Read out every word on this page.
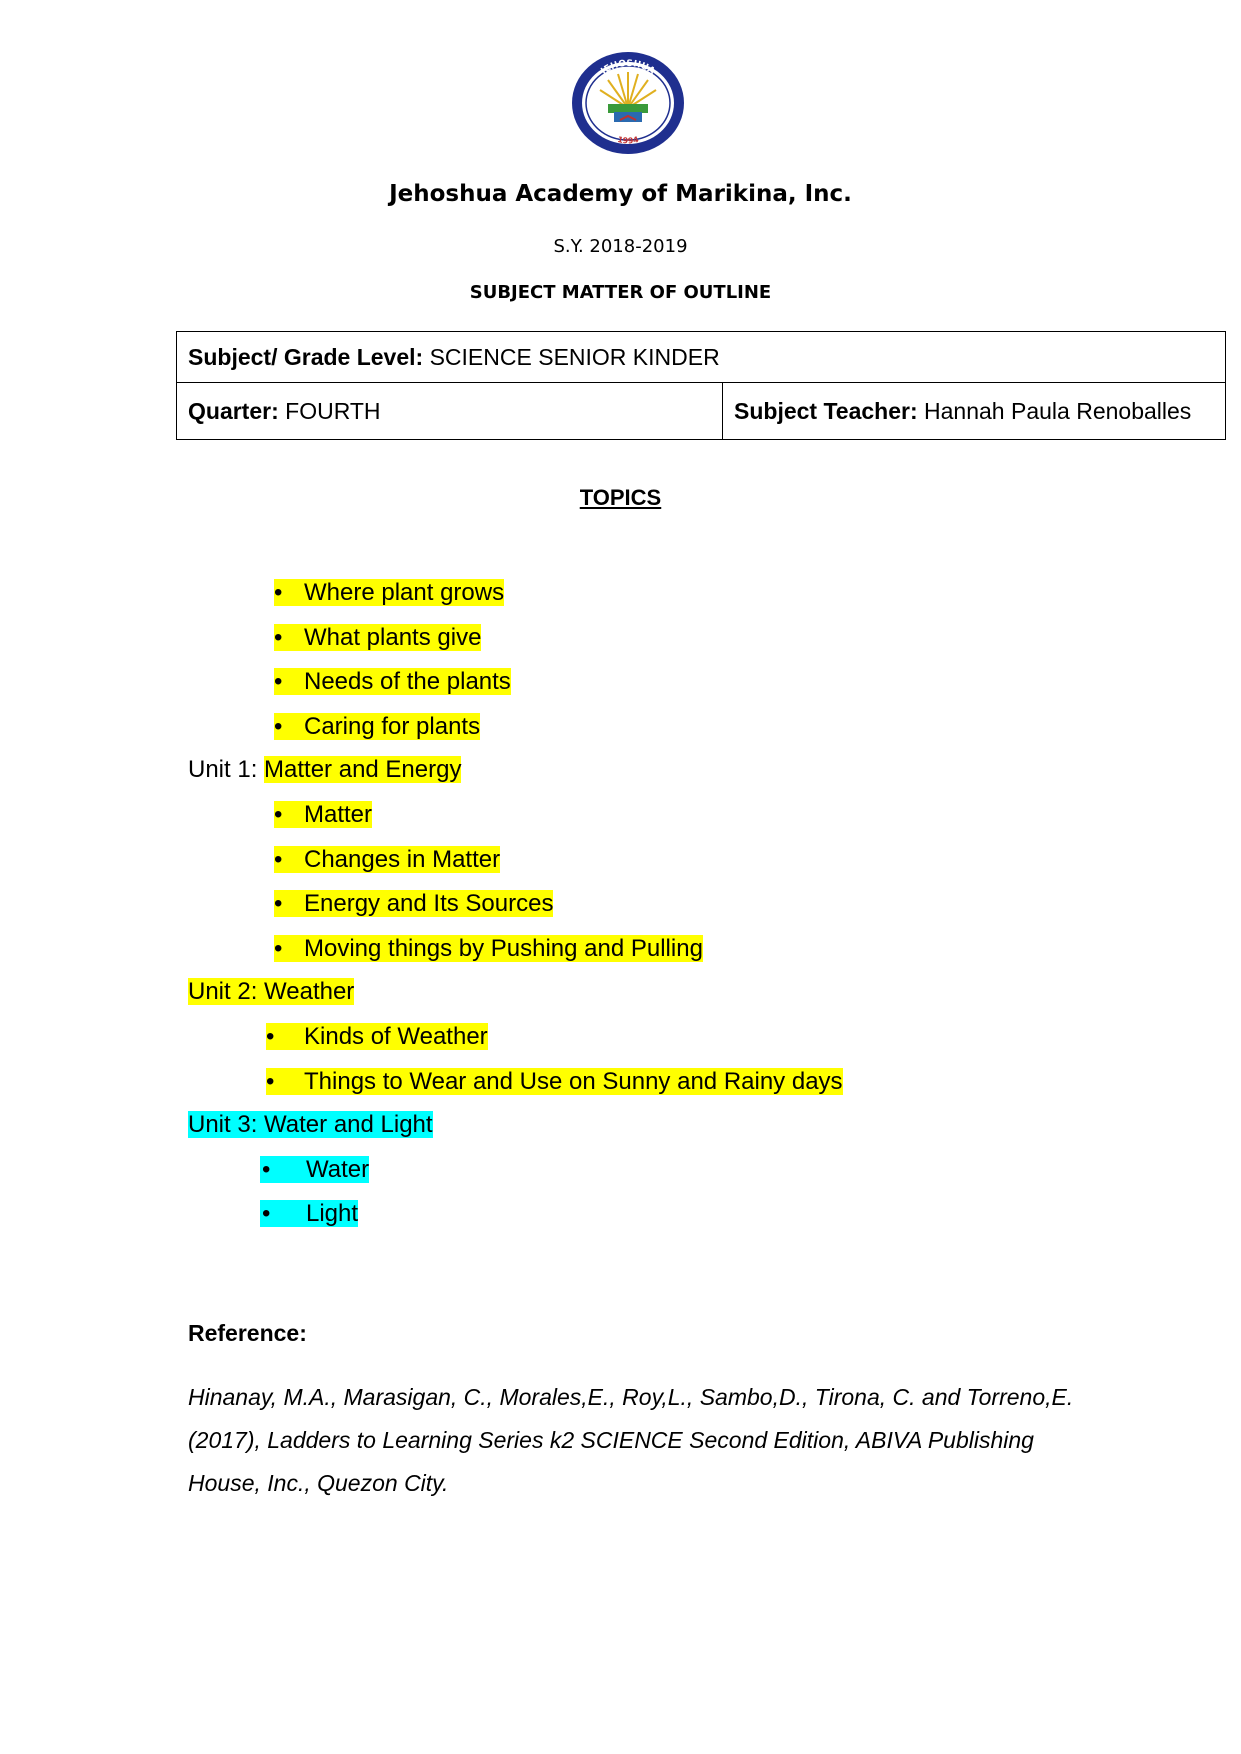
JEHOSHUA
1994
Jehoshua Academy of Marikina, Inc.
S.Y. 2018-2019
SUBJECT MATTER OF OUTLINE
Subject/ Grade Level: SCIENCE SENIOR KINDER
Quarter: FOURTH	Subject Teacher: Hannah Paula Renoballes
TOPICS
• Where plant grows
• What plants give
• Needs of the plants
• Caring for plants
Unit 1: Matter and Energy
• Matter
• Changes in Matter
• Energy and Its Sources
• Moving things by Pushing and Pulling
Unit 2: Weather
• Kinds of Weather
• Things to Wear and Use on Sunny and Rainy days
Unit 3: Water and Light
• Water
• Light
Reference:
Hinanay, M.A., Marasigan, C., Morales,E., Roy,L., Sambo,D., Tirona, C. and Torreno,E.(2017), Ladders to Learning Series k2 SCIENCE Second Edition, ABIVA Publishing House, Inc., Quezon City.
